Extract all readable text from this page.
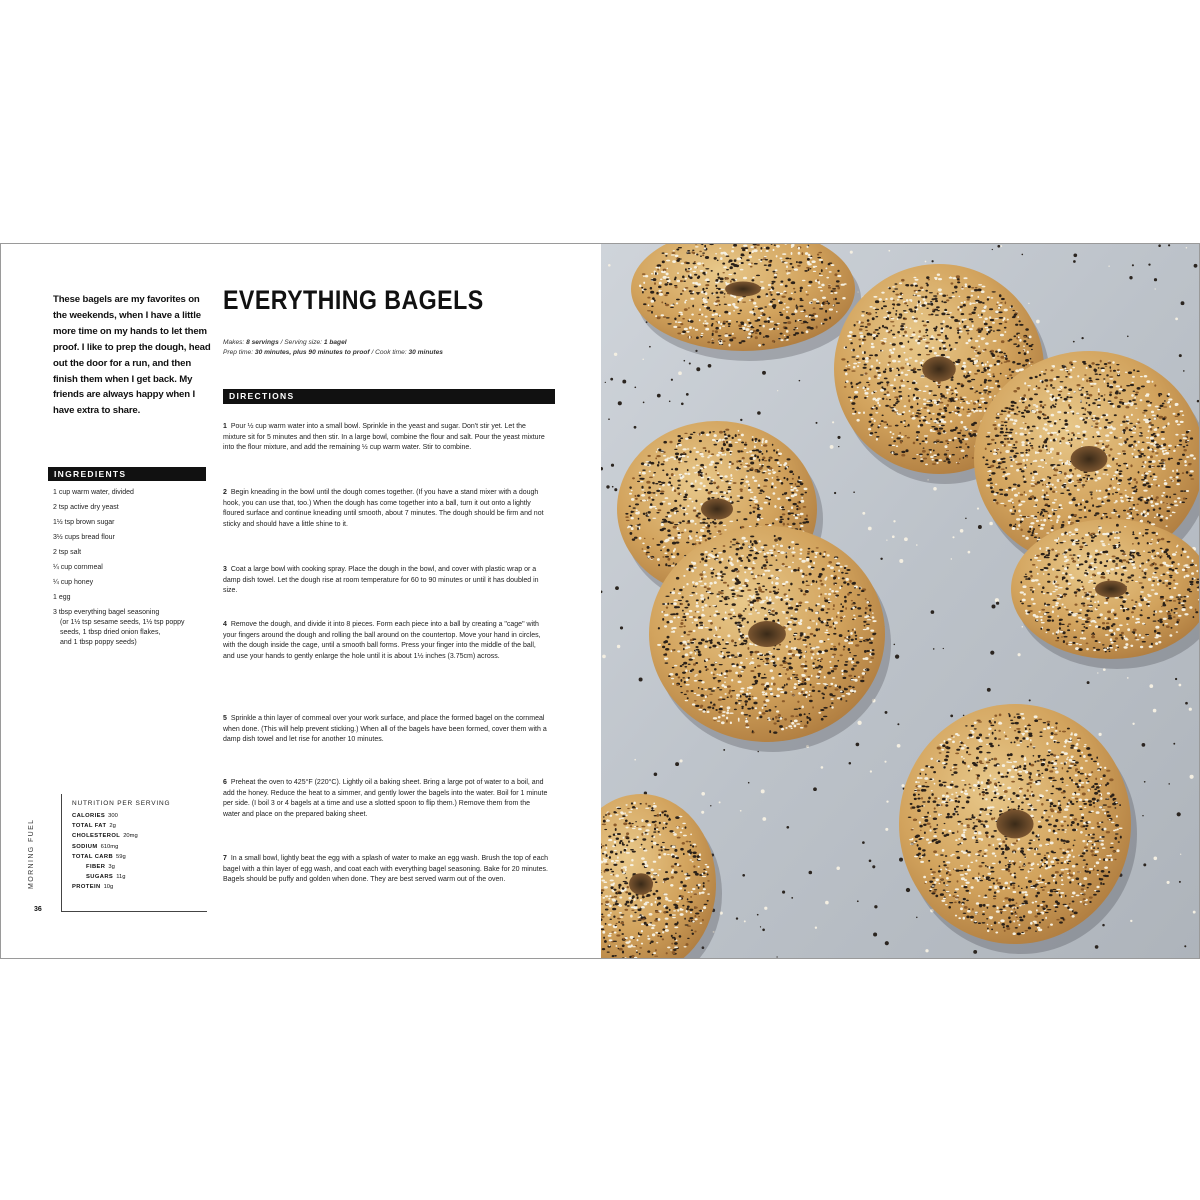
These bagels are my favorites on the weekends, when I have a little more time on my hands to let them proof. I like to prep the dough, head out the door for a run, and then finish them when I get back. My friends are always happy when I have extra to share.
INGREDIENTS
1 cup warm water, divided
2 tsp active dry yeast
1½ tsp brown sugar
3½ cups bread flour
2 tsp salt
¼ cup cornmeal
¼ cup honey
1 egg
3 tbsp everything bagel seasoning
(or 1½ tsp sesame seeds, 1½ tsp poppy
seeds, 1 tbsp dried onion flakes,
and 1 tbsp poppy seeds)
MORNING FUEL
36
NUTRITION PER SERVING
CALORIES 300
TOTAL FAT 2g
CHOLESTEROL 20mg
SODIUM 610mg
TOTAL CARB 59g
FIBER 3g
SUGARS 11g
PROTEIN 10g
EVERYTHING BAGELS
Makes: 8 servings / Serving size: 1 bagel
Prep time: 30 minutes, plus 90 minutes to proof / Cook time: 30 minutes
DIRECTIONS
1 Pour ½ cup warm water into a small bowl. Sprinkle in the yeast and sugar. Don't stir yet. Let the mixture sit for 5 minutes and then stir. In a large bowl, combine the flour and salt. Pour the yeast mixture into the flour mixture, and add the remaining ½ cup warm water. Stir to combine.
2 Begin kneading in the bowl until the dough comes together. (If you have a stand mixer with a dough hook, you can use that, too.) When the dough has come together into a ball, turn it out onto a lightly floured surface and continue kneading until smooth, about 7 minutes. The dough should be firm and not sticky and should have a little shine to it.
3 Coat a large bowl with cooking spray. Place the dough in the bowl, and cover with plastic wrap or a damp dish towel. Let the dough rise at room temperature for 60 to 90 minutes or until it has doubled in size.
4 Remove the dough, and divide it into 8 pieces. Form each piece into a ball by creating a "cage" with your fingers around the dough and rolling the ball around on the countertop. Move your hand in circles, with the dough inside the cage, until a smooth ball forms. Press your finger into the middle of the ball, and use your hands to gently enlarge the hole until it is about 1½ inches (3.75cm) across.
5 Sprinkle a thin layer of cornmeal over your work surface, and place the formed bagel on the cornmeal when done. (This will help prevent sticking.) When all of the bagels have been formed, cover them with a damp dish towel and let rise for another 10 minutes.
6 Preheat the oven to 425°F (220°C). Lightly oil a baking sheet. Bring a large pot of water to a boil, and add the honey. Reduce the heat to a simmer, and gently lower the bagels into the water. Boil for 1 minute per side. (I boil 3 or 4 bagels at a time and use a slotted spoon to flip them.) Remove them from the water and place on the prepared baking sheet.
7 In a small bowl, lightly beat the egg with a splash of water to make an egg wash. Brush the top of each bagel with a thin layer of egg wash, and coat each with everything bagel seasoning. Bake for 20 minutes. Bagels should be puffy and golden when done. They are best served warm out of the oven.
